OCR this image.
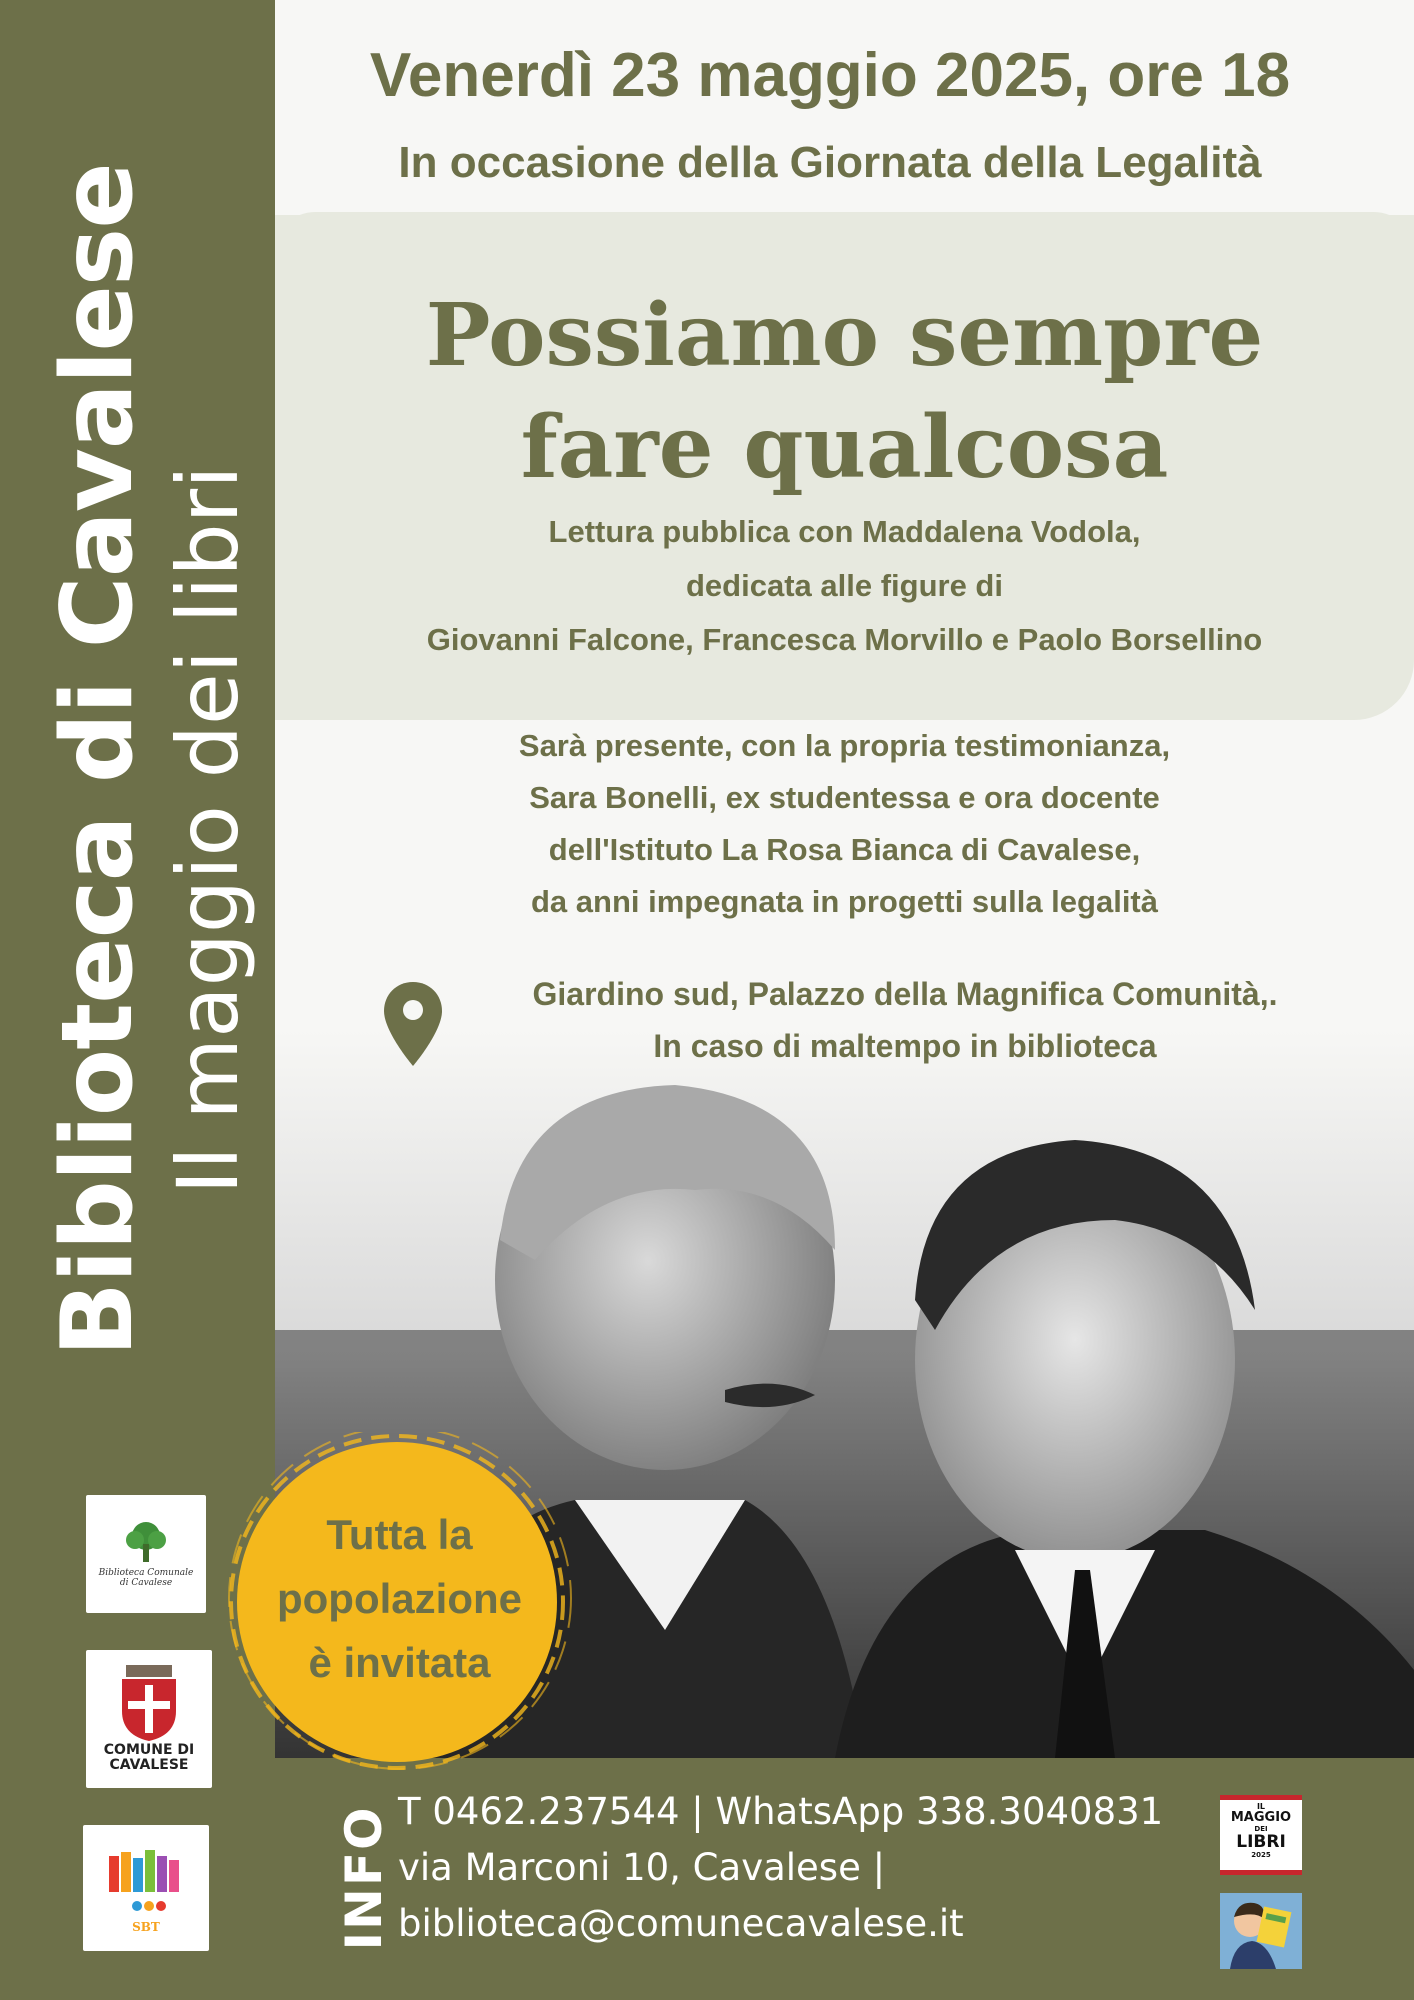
Biblioteca di Cavalese Il maggio dei libri
Biblioteca Comunale di Cavalese
COMUNE DI
CAVALESE
SBT
Venerdì 23 maggio 2025, ore 18
In occasione della Giornata della Legalità
Possiamo sempre
fare qualcosa
Lettura pubblica con Maddalena Vodola,
dedicata alle figure di
Giovanni Falcone, Francesca Morvillo e Paolo Borsellino
Sarà presente, con la propria testimonianza,
Sara Bonelli, ex studentessa e ora docente
dell'Istituto La Rosa Bianca di Cavalese,
da anni impegnata in progetti sulla legalità
Giardino sud, Palazzo della Magnifica Comunità,.
In caso di maltempo in biblioteca
INFO T 0462.237544 | WhatsApp 338.3040831
via Marconi 10, Cavalese |
biblioteca@comunecavalese.it
IL
MAGGIO
DEI
LIBRI
2025
Tutta la
popolazione
è invitata
